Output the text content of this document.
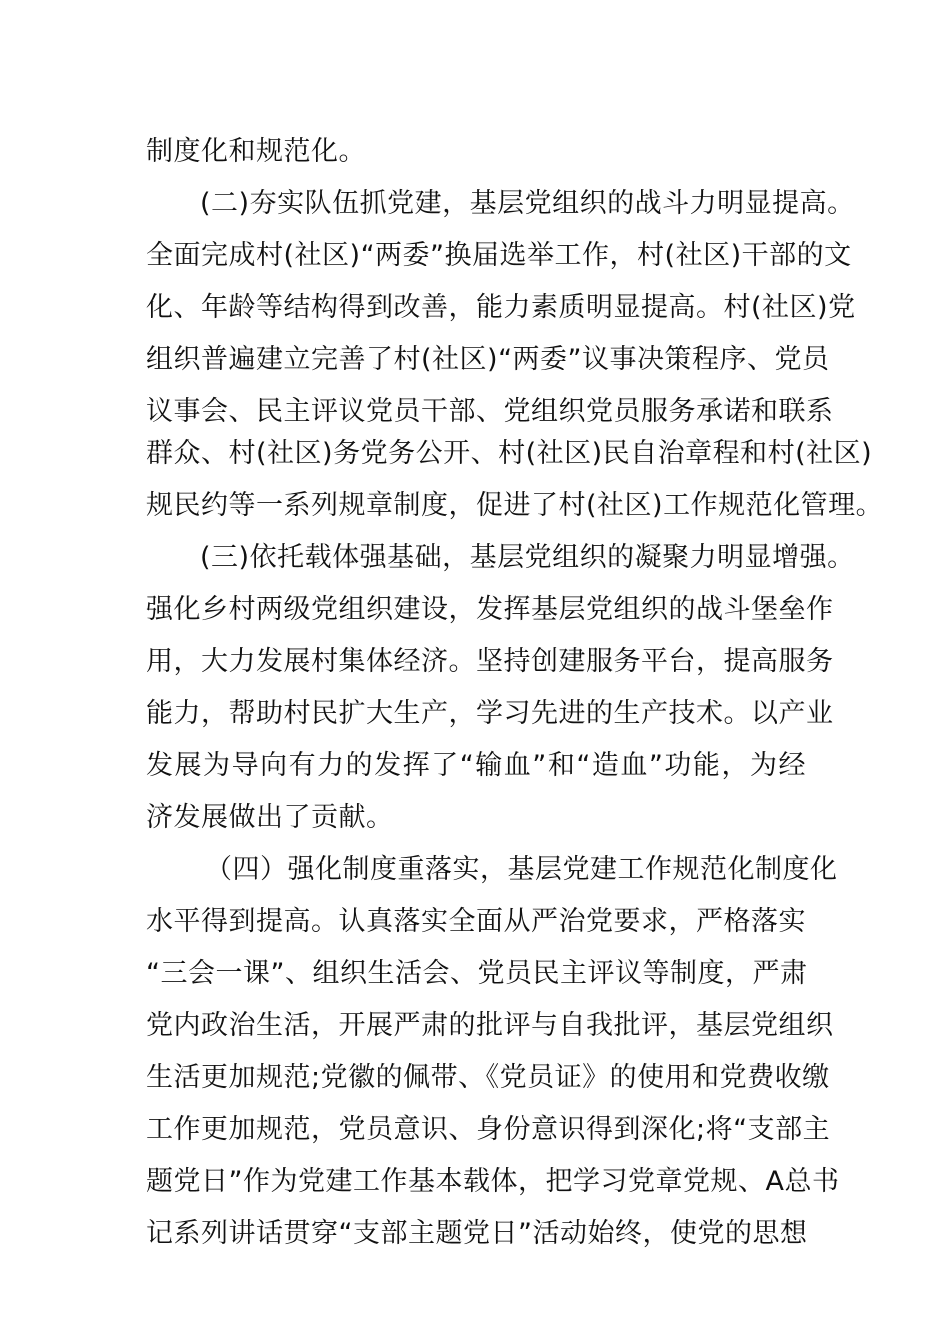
制度化和规范化。
(二)夯实队伍抓党建，基层党组织的战斗力明显提高。
全面完成村(社区)“两委”换届选举工作，村(社区)干部的文
化、年龄等结构得到改善，能力素质明显提高。村(社区)党
组织普遍建立完善了村(社区)“两委”议事决策程序、党员
议事会、民主评议党员干部、党组织党员服务承诺和联系
群众、村(社区)务党务公开、村(社区)民自治章程和村(社区)
规民约等一系列规章制度，促进了村(社区)工作规范化管理。
(三)依托载体强基础，基层党组织的凝聚力明显增强。
强化乡村两级党组织建设，发挥基层党组织的战斗堡垒作
用，大力发展村集体经济。坚持创建服务平台，提高服务
能力，帮助村民扩大生产，学习先进的生产技术。以产业
发展为导向有力的发挥了“输血”和“造血”功能，为经
济发展做出了贡献。
（四）强化制度重落实，基层党建工作规范化制度化
水平得到提高。认真落实全面从严治党要求，严格落实
“三会一课”、组织生活会、党员民主评议等制度，严肃
党内政治生活，开展严肃的批评与自我批评，基层党组织
生活更加规范;党徽的佩带、《党员证》的使用和党费收缴
工作更加规范，党员意识、身份意识得到深化;将“支部主
题党日”作为党建工作基本载体，把学习党章党规、A总书
记系列讲话贯穿“支部主题党日”活动始终，使党的思想
